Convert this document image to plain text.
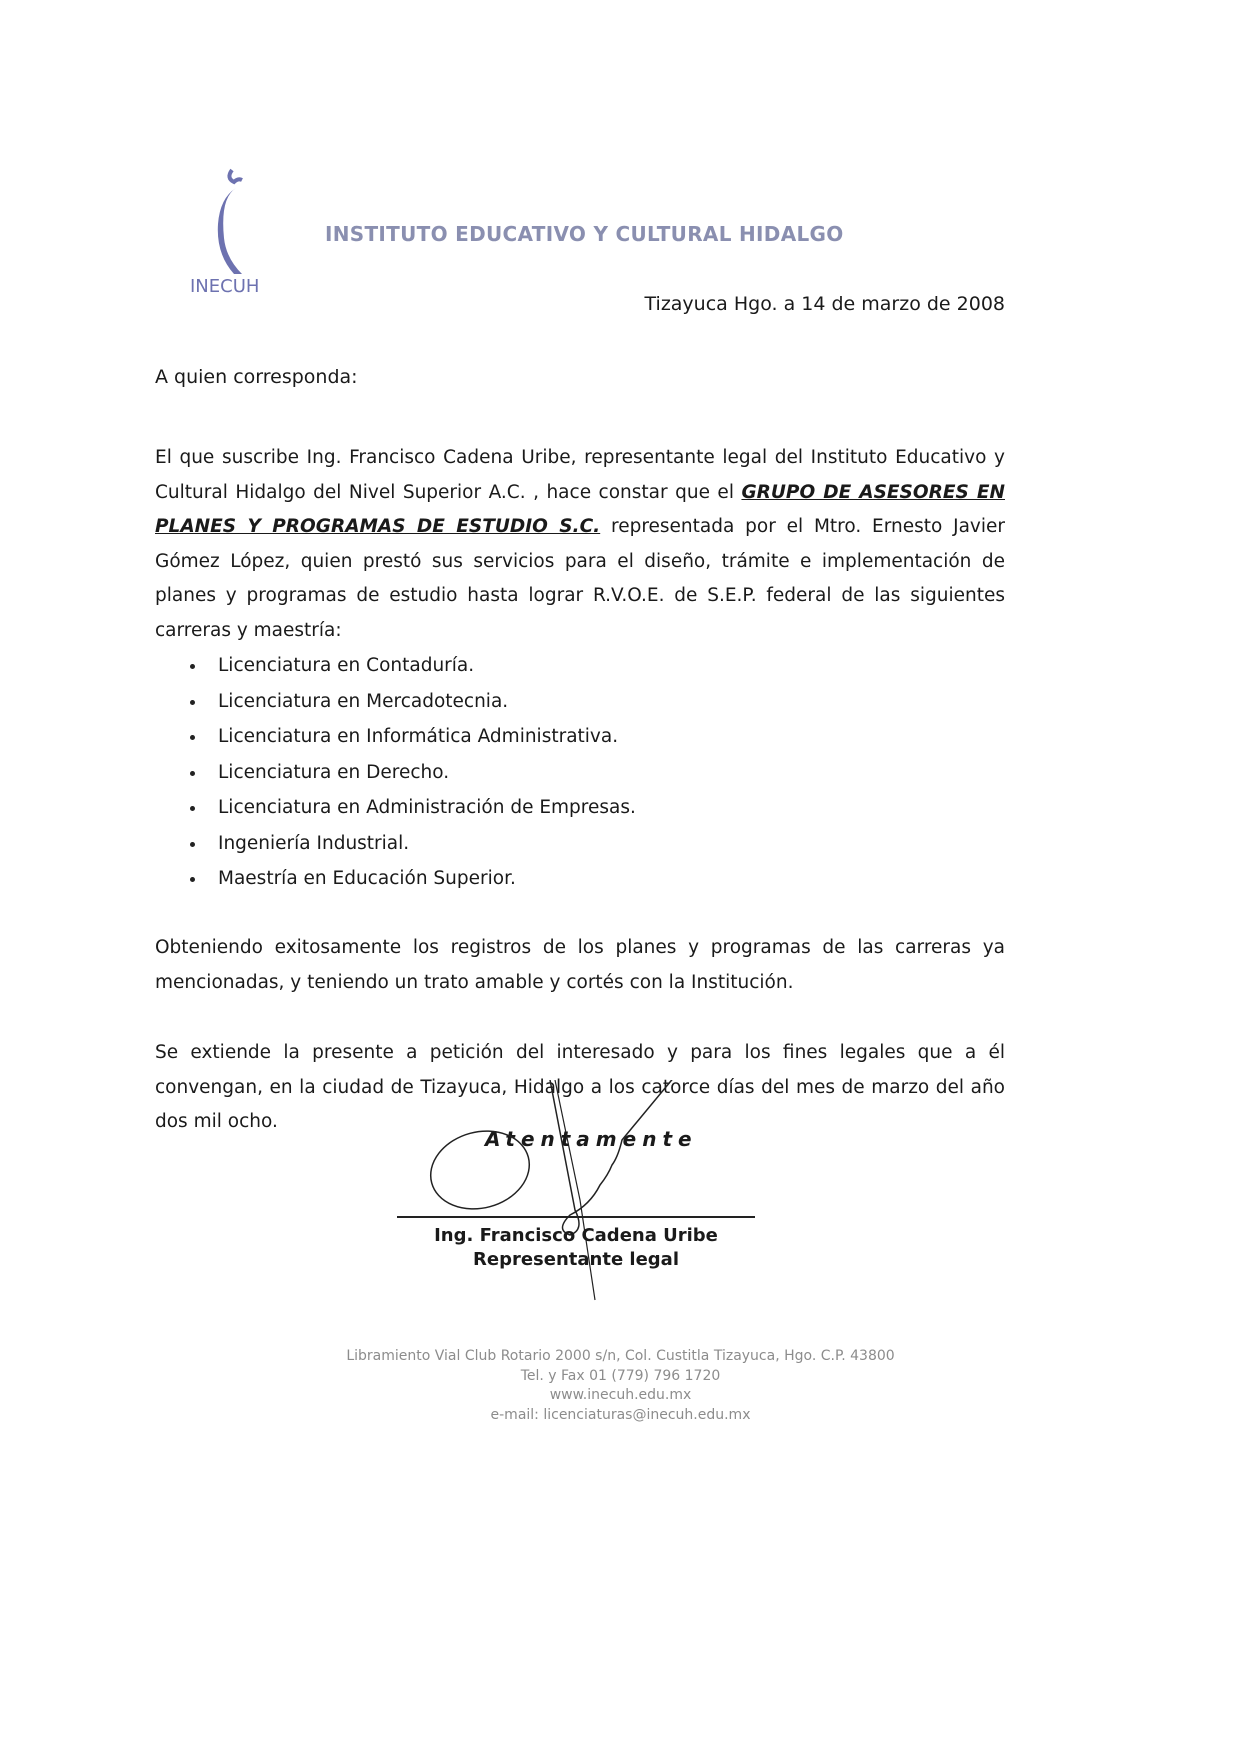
INECUH
INSTITUTO EDUCATIVO Y CULTURAL HIDALGO
Tizayuca Hgo. a 14 de marzo de 2008
A quien corresponda:
El que suscribe Ing. Francisco Cadena Uribe, representante legal del Instituto Educativo y Cultural Hidalgo del Nivel Superior A.C. , hace constar que el GRUPO DE ASESORES EN PLANES Y PROGRAMAS DE ESTUDIO S.C. representada por el Mtro. Ernesto Javier Gómez López, quien prestó sus servicios para el diseño, trámite e implementación de planes y programas de estudio hasta lograr R.V.O.E. de S.E.P. federal de las siguientes carreras y maestría:
Licenciatura en Contaduría.
Licenciatura en Mercadotecnia.
Licenciatura en Informática Administrativa.
Licenciatura en Derecho.
Licenciatura en Administración de Empresas.
Ingeniería Industrial.
Maestría en Educación Superior.
Obteniendo exitosamente los registros de los planes y programas de las carreras ya mencionadas, y teniendo un trato amable y cortés con la Institución.
Se extiende la presente a petición del interesado y para los fines legales que a él convengan, en la ciudad de Tizayuca, Hidalgo a los catorce días del mes de marzo del año dos mil ocho.
Atentamente
Ing. Francisco Cadena Uribe
Representante legal
Libramiento Vial Club Rotario 2000 s/n, Col. Custitla Tizayuca, Hgo. C.P. 43800
Tel. y Fax 01 (779) 796 1720
www.inecuh.edu.mx
e-mail: licenciaturas@inecuh.edu.mx
